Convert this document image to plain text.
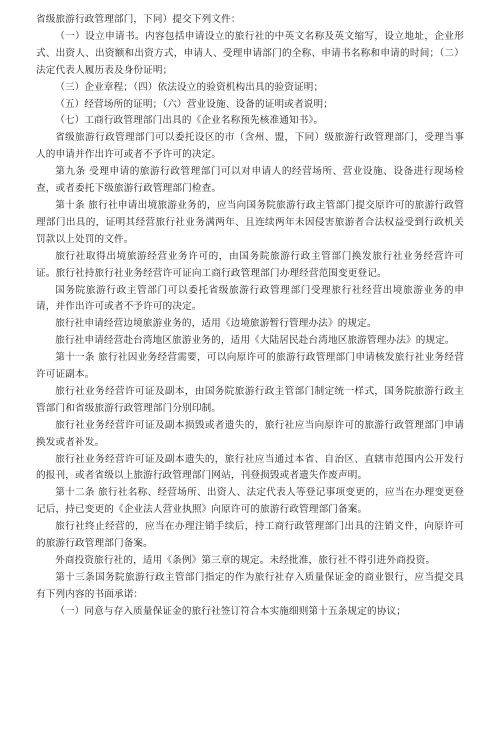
省级旅游行政管理部门，下同）提交下列文件：

（一）设立申请书。内容包括申请设立的旅行社的中英文名称及英文缩写，设立地址，企业形式、出资人、出资额和出资方式，申请人、受理申请部门的全称、申请书名称和申请的时间；（二）法定代表人履历表及身份证明；

（三）企业章程；（四）依法设立的验资机构出具的验资证明；

（五）经营场所的证明；（六）营业设施、设备的证明或者说明；

（七）工商行政管理部门出具的《企业名称预先核准通知书》。

省级旅游行政管理部门可以委托设区的市（含州、盟，下同）级旅游行政管理部门，受理当事人的申请并作出许可或者不予许可的决定。

第九条 受理申请的旅游行政管理部门可以对申请人的经营场所、营业设施、设备进行现场检查，或者委托下级旅游行政管理部门检查。

第十条 旅行社申请出境旅游业务的，应当向国务院旅游行政主管部门提交原许可的旅游行政管理部门出具的，证明其经营旅行社业务满两年、且连续两年未因侵害旅游者合法权益受到行政机关罚款以上处罚的文件。

旅行社取得出境旅游经营业务许可的，由国务院旅游行政主管部门换发旅行社业务经营许可证。旅行社持旅行社业务经营许可证向工商行政管理部门办理经营范围变更登记。

国务院旅游行政主管部门可以委托省级旅游行政管理部门受理旅行社经营出境旅游业务的申请，并作出许可或者不予许可的决定。

旅行社申请经营边境旅游业务的，适用《边境旅游暂行管理办法》的规定。

旅行社申请经营赴台湾地区旅游业务的，适用《大陆居民赴台湾地区旅游管理办法》的规定。

第十一条 旅行社因业务经营需要，可以向原许可的旅游行政管理部门申请核发旅行社业务经营许可证副本。

旅行社业务经营许可证及副本，由国务院旅游行政主管部门制定统一样式，国务院旅游行政主管部门和省级旅游行政管理部门分别印制。

旅行社业务经营许可证及副本损毁或者遗失的，旅行社应当向原许可的旅游行政管理部门申请换发或者补发。

旅行社业务经营许可证及副本遗失的，旅行社应当通过本省、自治区、直辖市范围内公开发行的报刊，或者省级以上旅游行政管理部门网站，刊登损毁或者遗失作废声明。

第十二条 旅行社名称、经营场所、出资人、法定代表人等登记事项变更的，应当在办理变更登记后，持已变更的《企业法人营业执照》向原许可的旅游行政管理部门备案。

旅行社终止经营的，应当在办理注销手续后，持工商行政管理部门出具的注销文件，向原许可的旅游行政管理部门备案。

外商投资旅行社的，适用《条例》第三章的规定。未经批准，旅行社不得引进外商投资。

第十三条国务院旅游行政主管部门指定的作为旅行社存入质量保证金的商业银行，应当提交具有下列内容的书面承诺：

（一）同意与存入质量保证金的旅行社签订符合本实施细则第十五条规定的协议；
